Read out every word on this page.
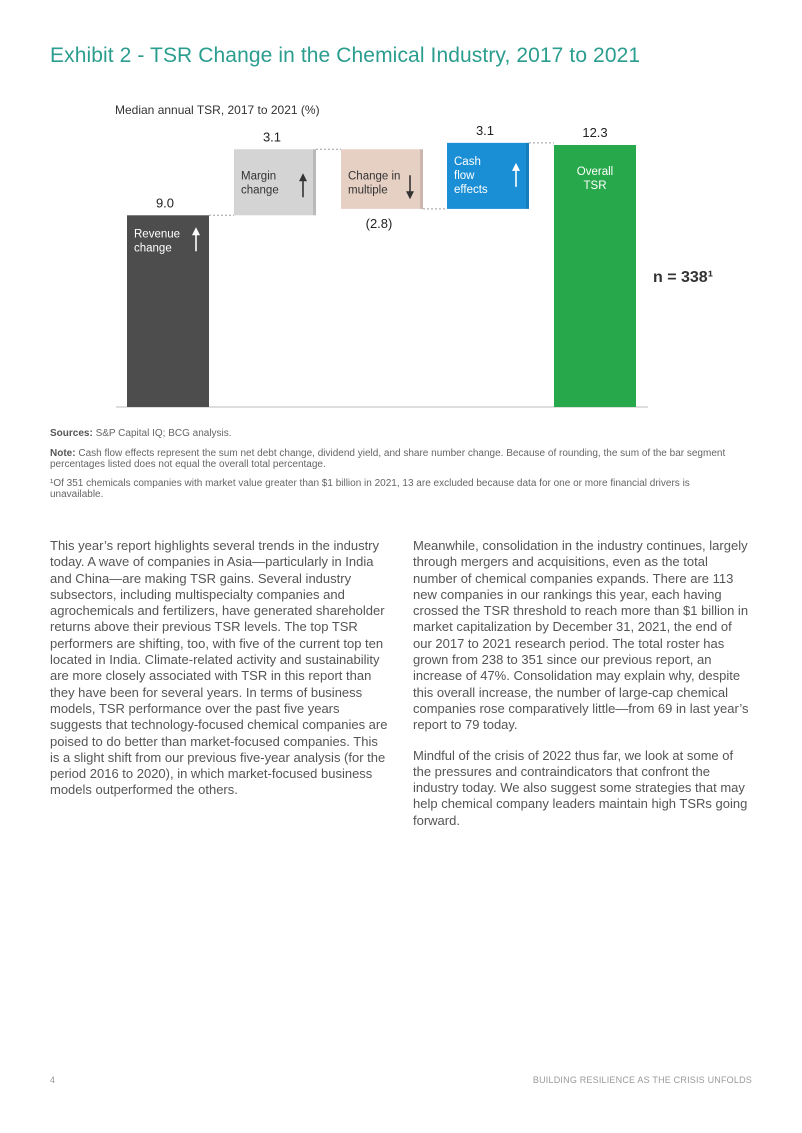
Exhibit 2 - TSR Change in the Chemical Industry, 2017 to 2021
Median annual TSR, 2017 to 2021 (%)
9.0
Revenue
change
3.1
Margin
change
(2.8)
Change in
multiple
3.1
Cash
flow
effects
12.3
Overall
TSR
n = 338¹
Sources: S&P Capital IQ; BCG analysis.
Note: Cash flow effects represent the sum net debt change, dividend yield, and share number change. Because of rounding, the sum of the bar segment percentages listed does not equal the overall total percentage.
¹Of 351 chemicals companies with market value greater than $1 billion in 2021, 13 are excluded because data for one or more financial drivers is unavailable.

This year’s report highlights several trends in the industry today. A wave of companies in Asia—particularly in India and China—are making TSR gains. Several industry subsectors, including multispecialty companies and agrochemicals and fertilizers, have generated shareholder returns above their previous TSR levels. The top TSR performers are shifting, too, with five of the current top ten located in India. Climate-related activity and sustainability are more closely associated with TSR in this report than they have been for several years. In terms of business models, TSR performance over the past five years suggests that technology-focused chemical companies are poised to do better than market-focused companies. This is a slight shift from our previous five-year analysis (for the period 2016 to 2020), in which market-focused business models outperformed the others.

Meanwhile, consolidation in the industry continues, largely through mergers and acquisitions, even as the total number of chemical companies expands. There are 113 new companies in our rankings this year, each having crossed the TSR threshold to reach more than $1 billion in market capitalization by December 31, 2021, the end of our 2017 to 2021 research period. The total roster has grown from 238 to 351 since our previous report, an increase of 47%. Consolidation may explain why, despite this overall increase, the number of large-cap chemical companies rose comparatively little—from 69 in last year’s report to 79 today.

Mindful of the crisis of 2022 thus far, we look at some of the pressures and contraindicators that confront the industry today. We also suggest some strategies that may help chemical company leaders maintain high TSRs going forward.

4	BUILDING RESILIENCE AS THE CRISIS UNFOLDS
